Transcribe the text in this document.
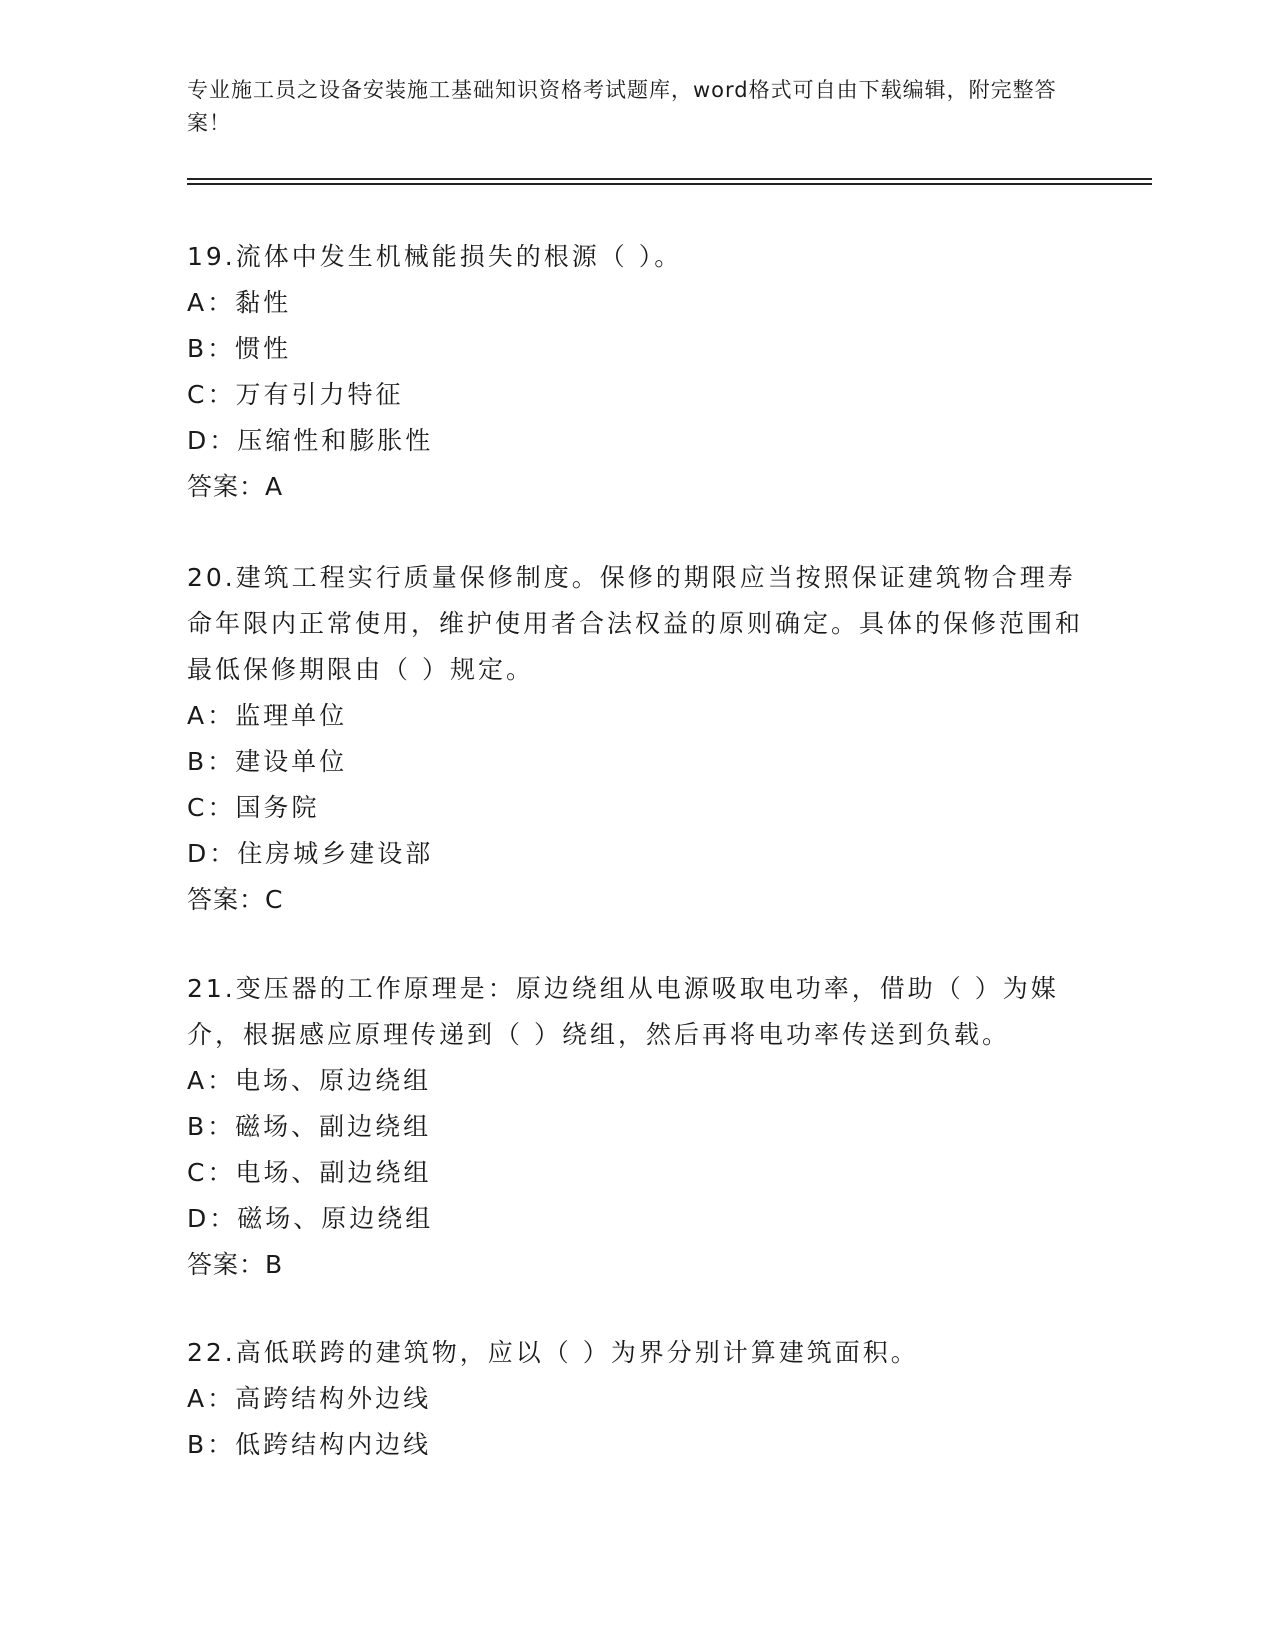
专业施工员之设备安装施工基础知识资格考试题库，word格式可自由下载编辑，附完整答案！
19.流体中发生机械能损失的根源（ ）。
A：黏性
B：惯性
C：万有引力特征
D：压缩性和膨胀性
答案：A
20.建筑工程实行质量保修制度。保修的期限应当按照保证建筑物合理寿命年限内正常使用，维护使用者合法权益的原则确定。具体的保修范围和最低保修期限由（ ）规定。
A：监理单位
B：建设单位
C：国务院
D：住房城乡建设部
答案：C
21.变压器的工作原理是：原边绕组从电源吸取电功率，借助（ ）为媒介，根据感应原理传递到（ ）绕组，然后再将电功率传送到负载。
A：电场、原边绕组
B：磁场、副边绕组
C：电场、副边绕组
D：磁场、原边绕组
答案：B
22.高低联跨的建筑物，应以（ ）为界分别计算建筑面积。
A：高跨结构外边线
B：低跨结构内边线
